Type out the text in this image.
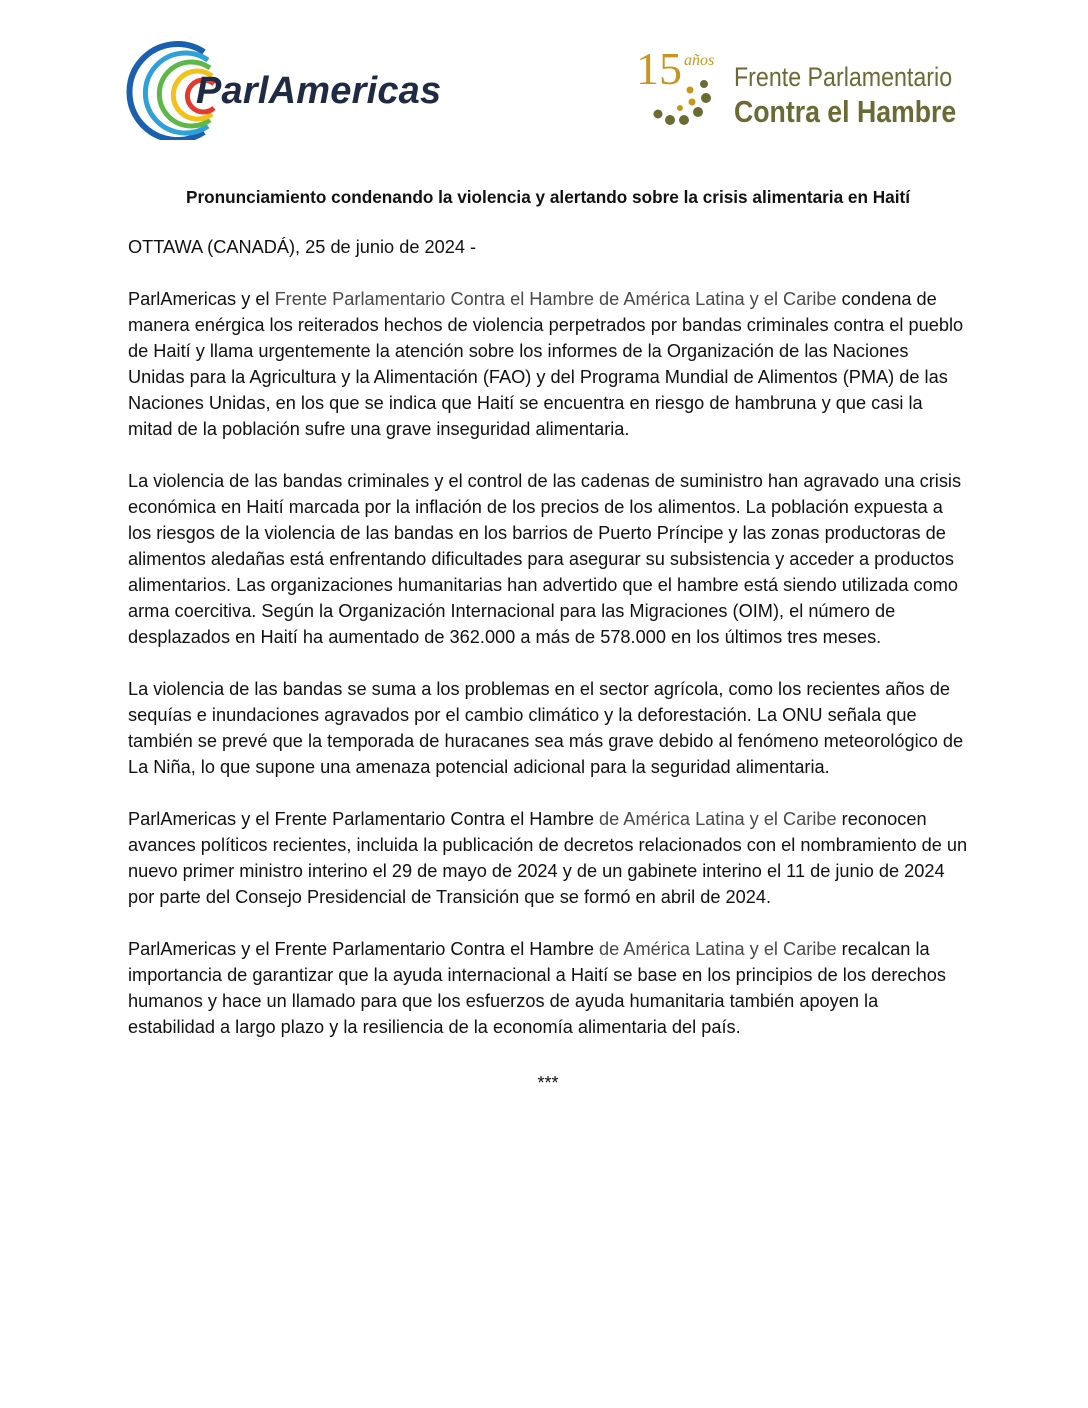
ParlAmericas	15 años
Frente Parlamentario
Contra el Hambre
Pronunciamiento condenando la violencia y alertando sobre la crisis alimentaria en Haití
OTTAWA (CANADÁ), 25 de junio de 2024 -

ParlAmericas y el Frente Parlamentario Contra el Hambre de América Latina y el Caribe condena de manera enérgica los reiterados hechos de violencia perpetrados por bandas criminales contra el pueblo de Haití y llama urgentemente la atención sobre los informes de la Organización de las Naciones Unidas para la Agricultura y la Alimentación (FAO) y del Programa Mundial de Alimentos (PMA) de las Naciones Unidas, en los que se indica que Haití se encuentra en riesgo de hambruna y que casi la mitad de la población sufre una grave inseguridad alimentaria.

La violencia de las bandas criminales y el control de las cadenas de suministro han agravado una crisis económica en Haití marcada por la inflación de los precios de los alimentos. La población expuesta a los riesgos de la violencia de las bandas en los barrios de Puerto Príncipe y las zonas productoras de alimentos aledañas está enfrentando dificultades para asegurar su subsistencia y acceder a productos alimentarios. Las organizaciones humanitarias han advertido que el hambre está siendo utilizada como arma coercitiva. Según la Organización Internacional para las Migraciones (OIM), el número de desplazados en Haití ha aumentado de 362.000 a más de 578.000 en los últimos tres meses.

La violencia de las bandas se suma a los problemas en el sector agrícola, como los recientes años de sequías e inundaciones agravados por el cambio climático y la deforestación. La ONU señala que también se prevé que la temporada de huracanes sea más grave debido al fenómeno meteorológico de La Niña, lo que supone una amenaza potencial adicional para la seguridad alimentaria.

ParlAmericas y el Frente Parlamentario Contra el Hambre de América Latina y el Caribe reconocen avances políticos recientes, incluida la publicación de decretos relacionados con el nombramiento de un nuevo primer ministro interino el 29 de mayo de 2024 y de un gabinete interino el 11 de junio de 2024 por parte del Consejo Presidencial de Transición que se formó en abril de 2024.

ParlAmericas y el Frente Parlamentario Contra el Hambre de América Latina y el Caribe recalcan la importancia de garantizar que la ayuda internacional a Haití se base en los principios de los derechos humanos y hace un llamado para que los esfuerzos de ayuda humanitaria también apoyen la estabilidad a largo plazo y la resiliencia de la economía alimentaria del país.

***
